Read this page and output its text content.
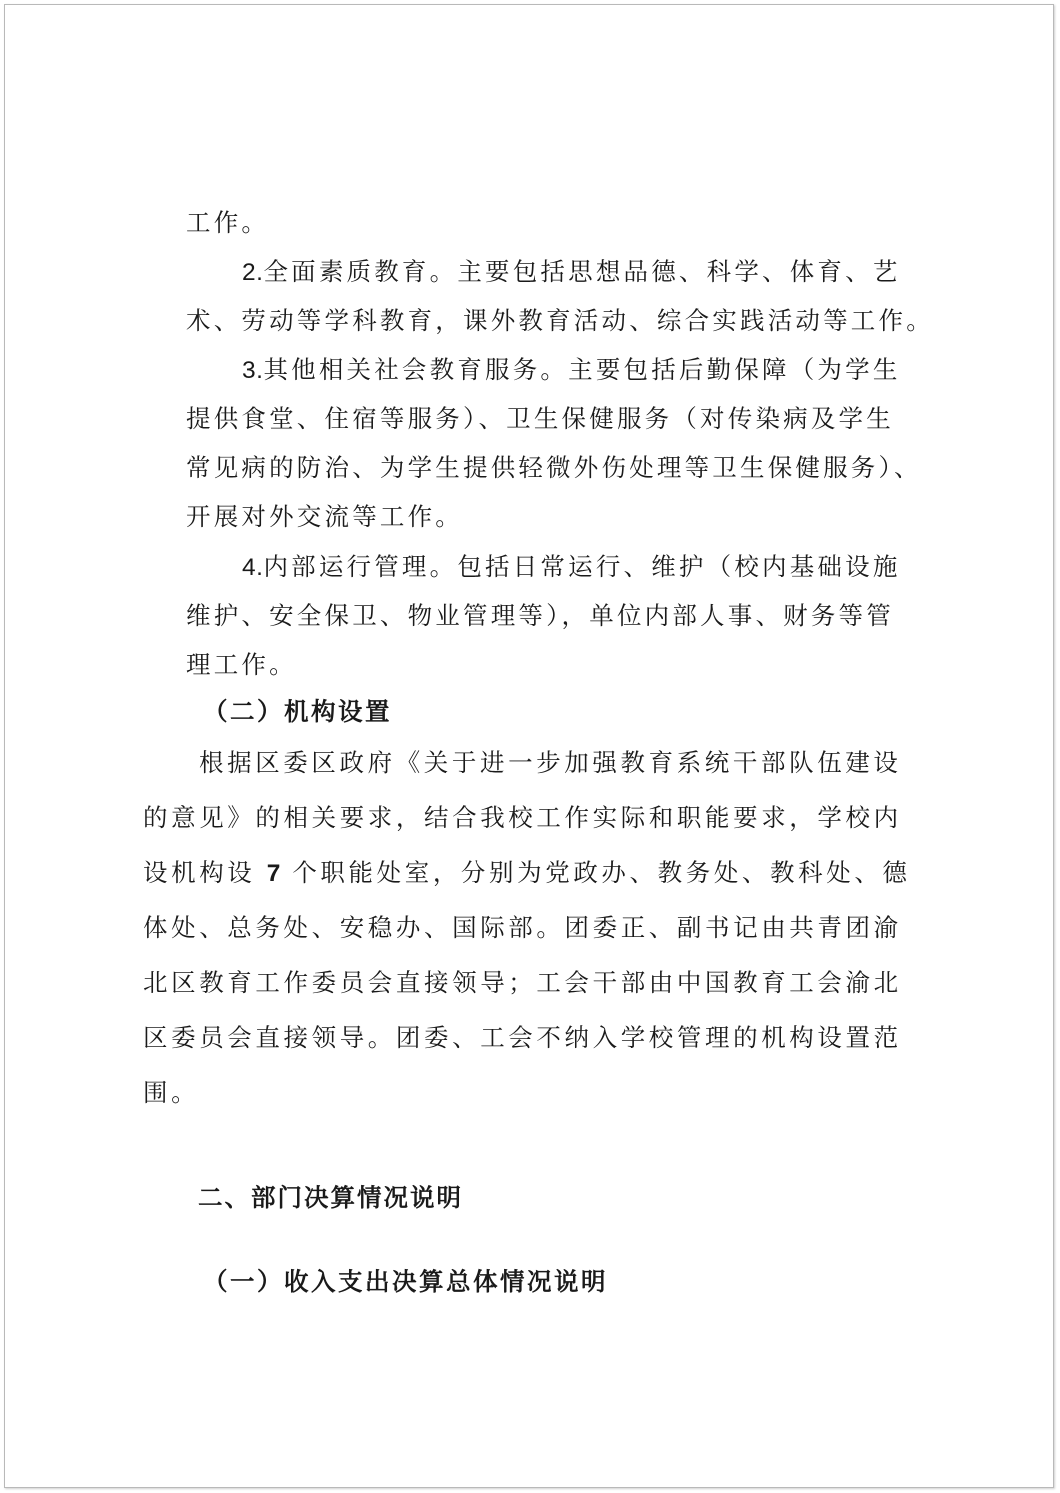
工作。
2.全面素质教育。主要包括思想品德、科学、体育、艺
术、劳动等学科教育，课外教育活动、综合实践活动等工作。
3.其他相关社会教育服务。主要包括后勤保障（为学生
提供食堂、住宿等服务）、卫生保健服务（对传染病及学生
常见病的防治、为学生提供轻微外伤处理等卫生保健服务）、
开展对外交流等工作。
4.内部运行管理。包括日常运行、维护（校内基础设施
维护、安全保卫、物业管理等），单位内部人事、财务等管
理工作。
（二）机构设置
根据区委区政府《关于进一步加强教育系统干部队伍建设
的意见》的相关要求，结合我校工作实际和职能要求，学校内
设机构设 7 个职能处室，分别为党政办、教务处、教科处、德
体处、总务处、安稳办、国际部。团委正、副书记由共青团渝
北区教育工作委员会直接领导；工会干部由中国教育工会渝北
区委员会直接领导。团委、工会不纳入学校管理的机构设置范
围。
二、部门决算情况说明
（一）收入支出决算总体情况说明
